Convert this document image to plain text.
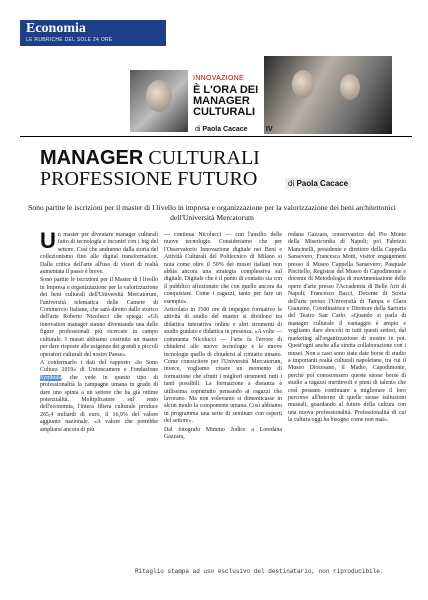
Economia
LE RUBRICHE DEL SOLE 24 ORE
INNOVAZIONE
È L'ORA DEI MANAGER CULTURALI
di Paola Cacace	IV
MANAGER CULTURALI
PROFESSIONE FUTURO	di Paola Cacace
Sono partite le iscrizioni per il master di I livello in impresa e organizzazione per la valorizzazione dei beni architettonici dell'Università Mercatorum

U n master per diventare manager culturali fatto di tecnologia e incontri con i big del settore. Così che andranno dalla storia del collezionismo fino alle digital transformation. Dalla critica dell'arte all'uso di visori di realtà aumentata il passo è breve.

Sono partite le iscrizioni per il Master di I livello in Impresa e organizzazione per la valorizzazione dei beni culturali dell'Università Mercatorum, l'università telematica delle Camere di Commercio Italiane, che sarà diretto dallo storico dell'arte Roberto Nicolucci che spiega: «Gli innovation manager stanno diventando una delle figure professionali più ricercate in campo culturale. I musei abbiamo costruito un master per dare risposte alle esigenze dei grandi e piccoli operatori culturali del nostro Paese».

A confermarlo i dati del rapporto «Io Sono Cultura 2019» di Unioncamere e Fondazione Symbola, che vede in questo tipo di professionalità la campagne umana in grado di dare uno spinta a un settore che ha già ottime potenzialità. Moltiplicatore sul resto dell'economia, l'intera filiera culturale produce 265,4 miliardi di euro, il 16,9% del valore aggiunto nazionale. «A valore che potrebbe ampliarsi ancora di più

— continua Nicolucci — con l'ausilio delle nuove tecnologie. Consideriamo che per l'Osservatorio Innovazione digitale nei Beni e Attività Culturali del Politecnico di Milano si nota come oltre il 50% dei musei italiani non abbia ancora una strategia complessiva sul digitale. Digitale che è il punto di contatto sia con il pubblico affezionato che con quello ancora da conquistare. Come i ragazzi, tanto per fare un esempio».

Articolato in 1500 ore di impegno formativo le attività di studio del master si dividono tra didattica interattiva online e altri strumenti di studio guidato e didattica in presenza. «A volte — commenta Nicolucci — l'arte fa l'errore di chiudersi alle nuove tecnologie e le nuove tecnologie quello di chiudersi al contatto umano. Come conoscitore per l'Università Mercatorum, invece, vogliamo creare un momento di formazione che sfrutti i migliori strumenti tutti i tanti possibili. La formazione a distanza è utilissima soprattutto pensando ai ragazzi che lavorano. Ma non volevamo si dimenticasse in alcun modo la componente umana. Così abbiamo in programma una serie di seminari con esperti del settore».

Dal fotografo Mimmo Jodice a Loredana Gazzara,

redana Gazzara, conservatrice del Pio Monte della Misericordia di Napoli; poi Fabrizio Mancinelli, presidente e direttore della Cappella Sansevero, Francesca Motti, visitor engagement presso il Museo Cappella Sansevero; Pasquale Piscitello, Registrar del Museo di Capodimonte e docente di Metodologia di movimentazione delle opere d'arte presso l'Accademia di Belle Arti di Napoli; Francesco Bacci, Docente di Storia dell'arte presso l'Università di Tampa e Clara Gianzino, Coordinatrice e Direttore della Sartoria del Teatro San Carlo. «Quando si parla di manager culturale il vantaggio è ampio e vogliamo dare sbocchi in tutti questi settori, dal marketing all'organizzazione di mostre in poi. Quest'ogni anche alla stretta collaborazione con i musei. Non a caso sono state date borse di studio a importanti realtà culturali napoletane, tra cui il Museo Diocesano, il Madre, Capodimonte, perché poi conoscessero queste stesse borse di studio a ragazzi meritevoli e pieni di talento che così possano continuare a migliorare il loro percorso all'interno di quelle stesse istituzioni museali, guardando al futuro della cultura con una nuova professionalità. Professionalità di cui la cultura oggi ha bisogno come non mai».

Ritaglio stampa ad uso esclusivo del destinatario, non riproducibile.
